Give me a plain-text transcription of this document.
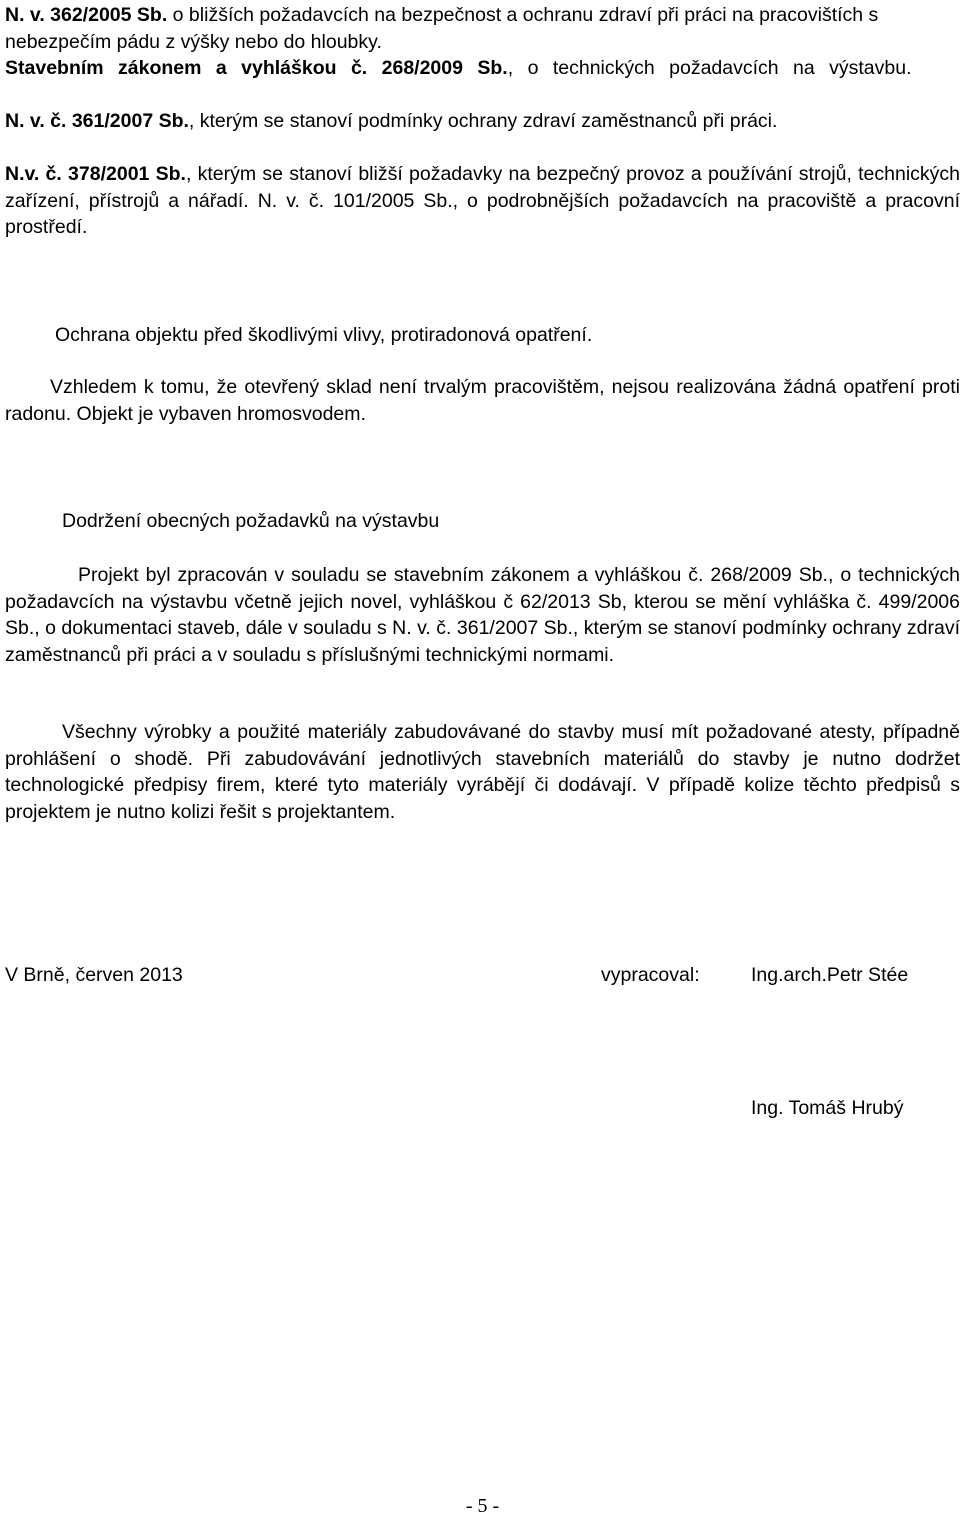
N. v. 362/2005 Sb. o bližších požadavcích na bezpečnost a ochranu zdraví při práci na pracovištích s nebezpečím pádu z výšky nebo do hloubky.

Stavebním zákonem a vyhláškou č. 268/2009 Sb., o technických požadavcích na výstavbu.

N. v. č. 361/2007 Sb., kterým se stanoví podmínky ochrany zdraví zaměstnanců při práci.

N.v. č. 378/2001 Sb., kterým se stanoví bližší požadavky na bezpečný provoz a používání strojů, technických zařízení, přístrojů a nářadí. N. v. č. 101/2005 Sb., o podrobnějších požadavcích na pracoviště a pracovní prostředí.

Ochrana objektu před škodlivými vlivy, protiradonová opatření.

Vzhledem k tomu, že otevřený sklad není trvalým pracovištěm, nejsou realizována žádná opatření proti radonu. Objekt je vybaven hromosvodem.

Dodržení obecných požadavků na výstavbu

Projekt byl zpracován v souladu se stavebním zákonem a vyhláškou č. 268/2009 Sb., o technických požadavcích na výstavbu včetně jejich novel, vyhláškou č 62/2013 Sb, kterou se mění vyhláška č. 499/2006 Sb., o dokumentaci staveb, dále v souladu s N. v. č. 361/2007 Sb., kterým se stanoví podmínky ochrany zdraví zaměstnanců při práci a v souladu s příslušnými technickými normami.

Všechny výrobky a použité materiály zabudovávané do stavby musí mít požadované atesty, případně prohlášení o shodě. Při zabudovávání jednotlivých stavebních materiálů do stavby je nutno dodržet technologické předpisy firem, které tyto materiály vyrábějí či dodávají. V případě kolize těchto předpisů s projektem je nutno kolizi řešit s projektantem.

V Brně, červen 2013	vypracoval:	Ing.arch.Petr Stée
Ing. Tomáš Hrubý
- 5 -
